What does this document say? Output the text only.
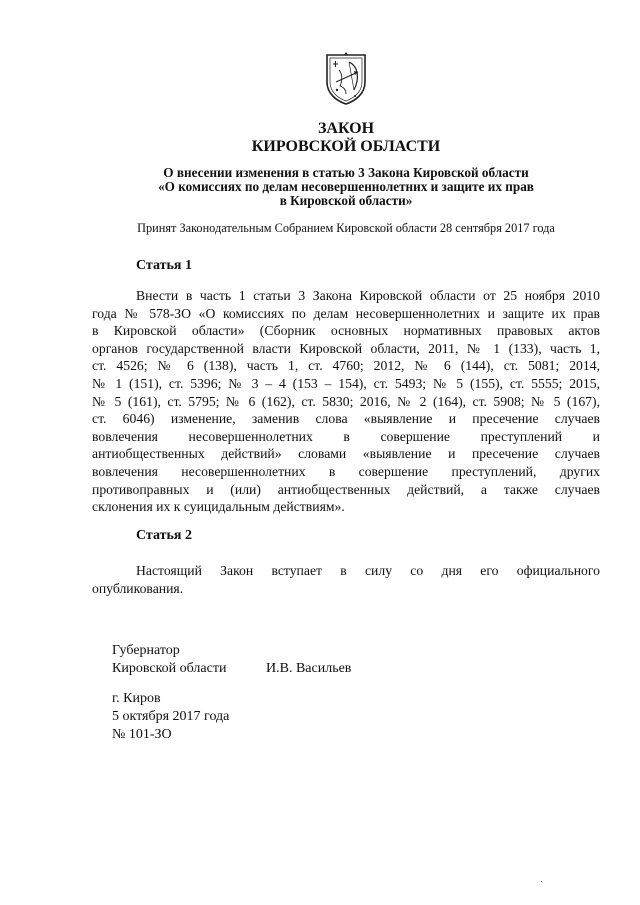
ЗАКОН
КИРОВСКОЙ ОБЛАСТИ
О внесении изменения в статью 3 Закона Кировской области
«О комиссиях по делам несовершеннолетних и защите их прав
в Кировской области»
Принят Законодательным Собранием Кировской области 28 сентября 2017 года
Статья 1
Внести в часть 1 статьи 3 Закона Кировской области от 25 ноября 2010
года № 578-ЗО «О комиссиях по делам несовершеннолетних и защите их прав
в Кировской области» (Сборник основных нормативных правовых актов
органов государственной власти Кировской области, 2011, № 1 (133), часть 1,
ст. 4526; № 6 (138), часть 1, ст. 4760; 2012, № 6 (144), ст. 5081; 2014,
№ 1 (151), ст. 5396; № 3 – 4 (153 – 154), ст. 5493; № 5 (155), ст. 5555; 2015,
№ 5 (161), ст. 5795; № 6 (162), ст. 5830; 2016, № 2 (164), ст. 5908; № 5 (167),
ст. 6046) изменение, заменив слова «выявление и пресечение случаев
вовлечения несовершеннолетних в совершение преступлений и
антиобщественных действий» словами «выявление и пресечение случаев
вовлечения несовершеннолетних в совершение преступлений, других
противоправных и (или) антиобщественных действий, а также случаев
склонения их к суицидальным действиям».
Статья 2
Настоящий Закон вступает в силу со дня его официального
опубликования.
Губернатор
Кировской области	И.В. Васильев
г. Киров
5 октября 2017 года
№ 101-ЗО
ˎ
